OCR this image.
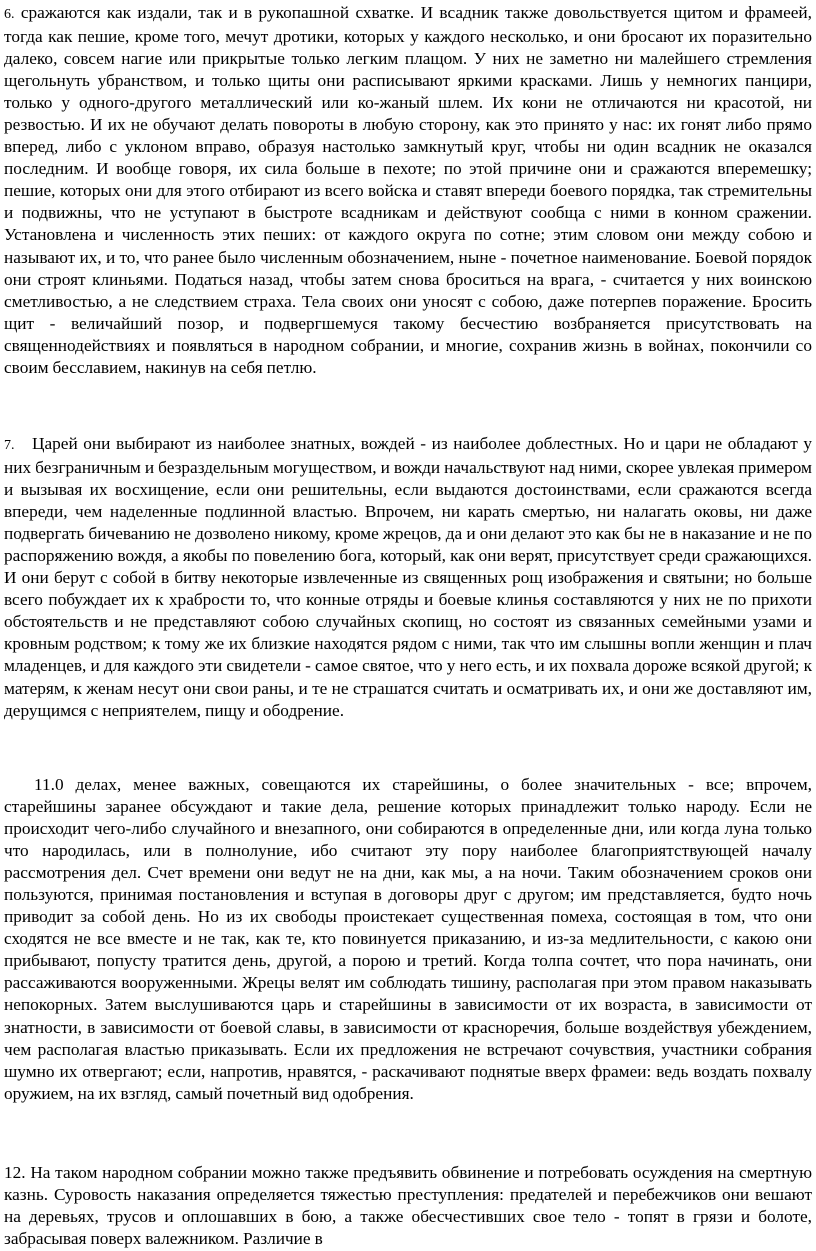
6. сражаются как издали, так и в рукопашной схватке. И всадник также довольствуется щитом и фрамеей, тогда как пешие, кроме того, мечут дротики, которых у каждого несколько, и они бросают их поразительно далеко, совсем нагие или прикрытые только легким плащом. У них не заметно ни малейшего стремления щегольнуть убранством, и только щиты они расписывают яркими красками. Лишь у немногих панцири, только у одного-другого металлический или ко-жаный шлем. Их кони не отличаются ни красотой, ни резвостью. И их не обучают делать повороты в любую сторону, как это принято у нас: их гонят либо прямо вперед, либо с уклоном вправо, образуя настолько замкнутый круг, чтобы ни один всадник не оказался последним. И вообще говоря, их сила больше в пехоте; по этой причине они и сражаются вперемешку; пешие, которых они для этого отбирают из всего войска и ставят впереди боевого порядка, так стремительны и подвижны, что не уступают в быстроте всадникам и действуют сообща с ними в конном сражении. Установлена и численность этих пеших: от каждого округа по сотне; этим словом они между собою и называют их, и то, что ранее было численным обозначением, ныне - почетное наименование. Боевой порядок они строят клиньями. Податься назад, чтобы затем снова броситься на врага, - считается у них воинскою сметливостью, а не следствием страха. Тела своих они уносят с собою, даже потерпев поражение. Бросить щит - величайший позор, и подвергшемуся такому бесчестию возбраняется присутствовать на священнодействиях и появляться в народном собрании, и многие, сохранив жизнь в войнах, покончили со своим бесславием, накинув на себя петлю.

7. Царей они выбирают из наиболее знатных, вождей - из наиболее доблестных. Но и цари не обладают у них безграничным и безраздельным могуществом, и вожди начальствуют над ними, скорее увлекая примером и вызывая их восхищение, если они решительны, если выдаются достоинствами, если сражаются всегда впереди, чем наделенные подлинной властью. Впрочем, ни карать смертью, ни налагать оковы, ни даже подвергать бичеванию не дозволено никому, кроме жрецов, да и они делают это как бы не в наказание и не по распоряжению вождя, а якобы по повелению бога, который, как они верят, присутствует среди сражающихся. И они берут с собой в битву некоторые извлеченные из священных рощ изображения и святыни; но больше всего побуждает их к храбрости то, что конные отряды и боевые клинья составляются у них не по прихоти обстоятельств и не представляют собою случайных скопищ, но состоят из связанных семейными узами и кровным родством; к тому же их близкие находятся рядом с ними, так что им слышны вопли женщин и плач младенцев, и для каждого эти свидетели - самое святое, что у него есть, и их похвала дороже всякой другой; к матерям, к женам несут они свои раны, и те не страшатся считать и осматривать их, и они же доставляют им, дерущимся с неприятелем, пищу и ободрение.

11.0 делах, менее важных, совещаются их старейшины, о более значительных - все; впрочем, старейшины заранее обсуждают и такие дела, решение которых принадлежит только народу. Если не происходит чего-либо случайного и внезапного, они собираются в определенные дни, или когда луна только что народилась, или в полнолуние, ибо считают эту пору наиболее благоприятствующей началу рассмотрения дел. Счет времени они ведут не на дни, как мы, а на ночи. Таким обозначением сроков они пользуются, принимая постановления и вступая в договоры друг с другом; им представляется, будто ночь приводит за собой день. Но из их свободы проистекает существенная помеха, состоящая в том, что они сходятся не все вместе и не так, как те, кто повинуется приказанию, и из-за медлительности, с какою они прибывают, попусту тратится день, другой, а порою и третий. Когда толпа сочтет, что пора начинать, они рассаживаются вооруженными. Жрецы велят им соблюдать тишину, располагая при этом правом наказывать непокорных. Затем выслушиваются царь и старейшины в зависимости от их возраста, в зависимости от знатности, в зависимости от боевой славы, в зависимости от красноречия, больше воздействуя убеждением, чем располагая властью приказывать. Если их предложения не встречают сочувствия, участники собрания шумно их отвергают; если, напротив, нравятся, - раскачивают поднятые вверх фрамеи: ведь воздать похвалу оружием, на их взгляд, самый почетный вид одобрения.

12. На таком народном собрании можно также предъявить обвинение и потребовать осуждения на смертную казнь. Суровость наказания определяется тяжестью преступления: предателей и перебежчиков они вешают на деревьях, трусов и оплошавших в бою, а также обесчестивших свое тело - топят в грязи и болоте, забрасывая поверх валежником. Различие в
